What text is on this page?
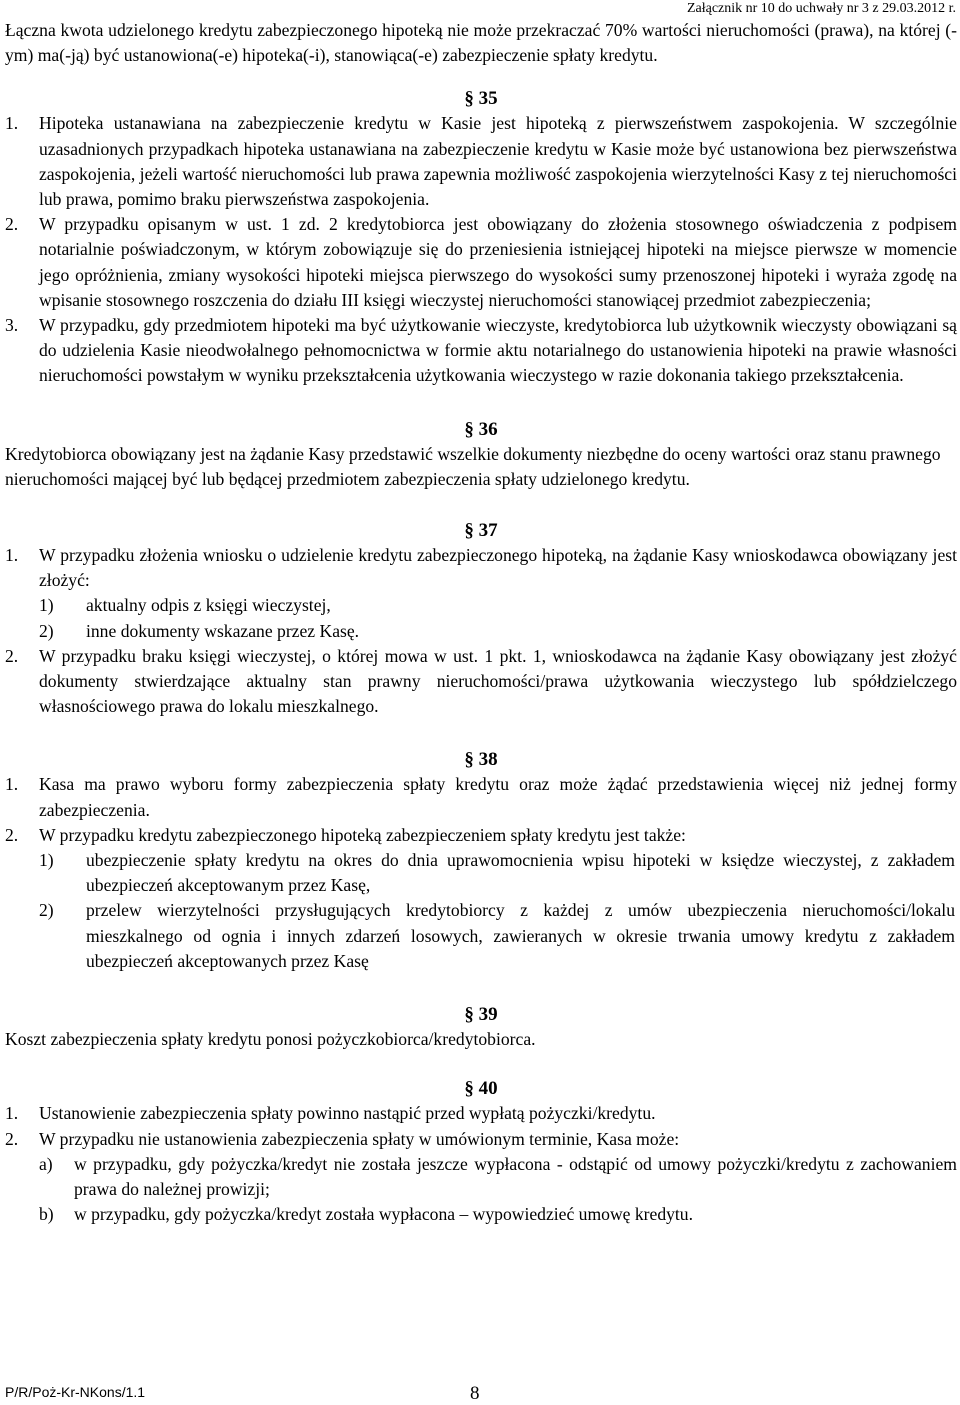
Załącznik nr 10 do uchwały nr 3 z 29.03.2012 r.
Łączna kwota udzielonego kredytu zabezpieczonego hipoteką nie może przekraczać 70% wartości nieruchomości (prawa), na której (-ym) ma(-ją) być ustanowiona(-e) hipoteka(-i), stanowiąca(-e) zabezpieczenie spłaty kredytu.
§ 35
1.	Hipoteka ustanawiana na zabezpieczenie kredytu w Kasie jest hipoteką z pierwszeństwem zaspokojenia. W szczególnie uzasadnionych przypadkach hipoteka ustanawiana na zabezpieczenie kredytu w Kasie może być ustanowiona bez pierwszeństwa zaspokojenia, jeżeli wartość nieruchomości lub prawa zapewnia możliwość zaspokojenia wierzytelności Kasy z tej nieruchomości lub prawa, pomimo braku pierwszeństwa zaspokojenia.
2.	W przypadku opisanym w ust. 1 zd. 2 kredytobiorca jest obowiązany do złożenia stosownego oświadczenia z podpisem notarialnie poświadczonym, w którym zobowiązuje się do przeniesienia istniejącej hipoteki na miejsce pierwsze w momencie jego opróżnienia, zmiany wysokości hipoteki miejsca pierwszego do wysokości sumy przenoszonej hipoteki i wyraża zgodę na wpisanie stosownego roszczenia do działu III księgi wieczystej nieruchomości stanowiącej przedmiot zabezpieczenia;
3.	W przypadku, gdy przedmiotem hipoteki ma być użytkowanie wieczyste, kredytobiorca lub użytkownik wieczysty obowiązani są do udzielenia Kasie nieodwołalnego pełnomocnictwa w formie aktu notarialnego do ustanowienia hipoteki na prawie własności nieruchomości powstałym w wyniku przekształcenia użytkowania wieczystego w razie dokonania takiego przekształcenia.
§ 36
Kredytobiorca obowiązany jest na żądanie Kasy przedstawić wszelkie dokumenty niezbędne do oceny wartości oraz stanu prawnego nieruchomości mającej być lub będącej przedmiotem zabezpieczenia spłaty udzielonego kredytu.
§ 37
1.	W przypadku złożenia wniosku o udzielenie kredytu zabezpieczonego hipoteką, na żądanie Kasy wnioskodawca obowiązany jest złożyć:
1)	aktualny odpis z księgi wieczystej,
2)	inne dokumenty wskazane przez Kasę.
2.	W przypadku braku księgi wieczystej, o której mowa w ust. 1 pkt. 1, wnioskodawca na żądanie Kasy obowiązany jest złożyć dokumenty stwierdzające aktualny stan prawny nieruchomości/prawa użytkowania wieczystego lub spółdzielczego własnościowego prawa do lokalu mieszkalnego.
§ 38
1.	Kasa ma prawo wyboru formy zabezpieczenia spłaty kredytu oraz może żądać przedstawienia więcej niż jednej formy zabezpieczenia.
2.	W przypadku kredytu zabezpieczonego hipoteką zabezpieczeniem spłaty kredytu jest także:
1)	ubezpieczenie spłaty kredytu na okres do dnia uprawomocnienia wpisu hipoteki w księdze wieczystej, z zakładem ubezpieczeń akceptowanym przez Kasę,
2)	przelew wierzytelności przysługujących kredytobiorcy z każdej z umów ubezpieczenia nieruchomości/lokalu mieszkalnego od ognia i innych zdarzeń losowych, zawieranych w okresie trwania umowy kredytu z zakładem ubezpieczeń akceptowanych przez Kasę
§ 39
Koszt zabezpieczenia spłaty kredytu ponosi pożyczkobiorca/kredytobiorca.
§ 40
1.	Ustanowienie zabezpieczenia spłaty powinno nastąpić przed wypłatą pożyczki/kredytu.
2.	W przypadku nie ustanowienia zabezpieczenia spłaty w umówionym terminie, Kasa może:
a)	w przypadku, gdy pożyczka/kredyt nie została jeszcze wypłacona - odstąpić od umowy pożyczki/kredytu z zachowaniem prawa do należnej prowizji;
b)	w przypadku, gdy pożyczka/kredyt została wypłacona – wypowiedzieć umowę kredytu.
P/R/Poż-Kr-NKons/1.1	8
